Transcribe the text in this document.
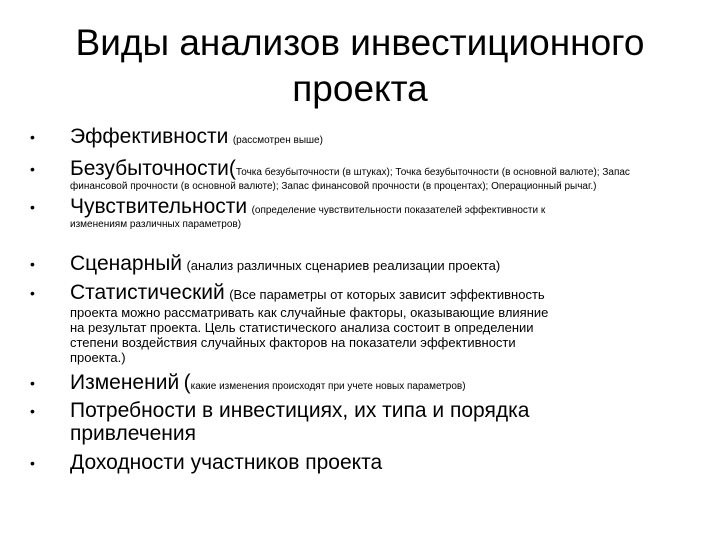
Виды анализов инвестиционного
проекта
• Эффективности (рассмотрен выше)
• Безубыточности(Точка безубыточности (в штуках); Точка безубыточности (в основной валюте); Запас
финансовой прочности (в основной валюте); Запас финансовой прочности (в процентах); Операционный рычаг.)
• Чувствительности (определение чувствительности показателей эффективности к
изменениям различных параметров)
• Сценарный (анализ различных сценариев реализации проекта)
• Статистический (Все параметры от которых зависит эффективность
проекта можно рассматривать как случайные факторы, оказывающие влияние
на результат проекта. Цель статистического анализа состоит в определении
степени воздействия случайных факторов на показатели эффективности
проекта.)
• Изменений (какие изменения происходят при учете новых параметров)
• Потребности в инвестициях, их типа и порядка
привлечения
• Доходности участников проекта
